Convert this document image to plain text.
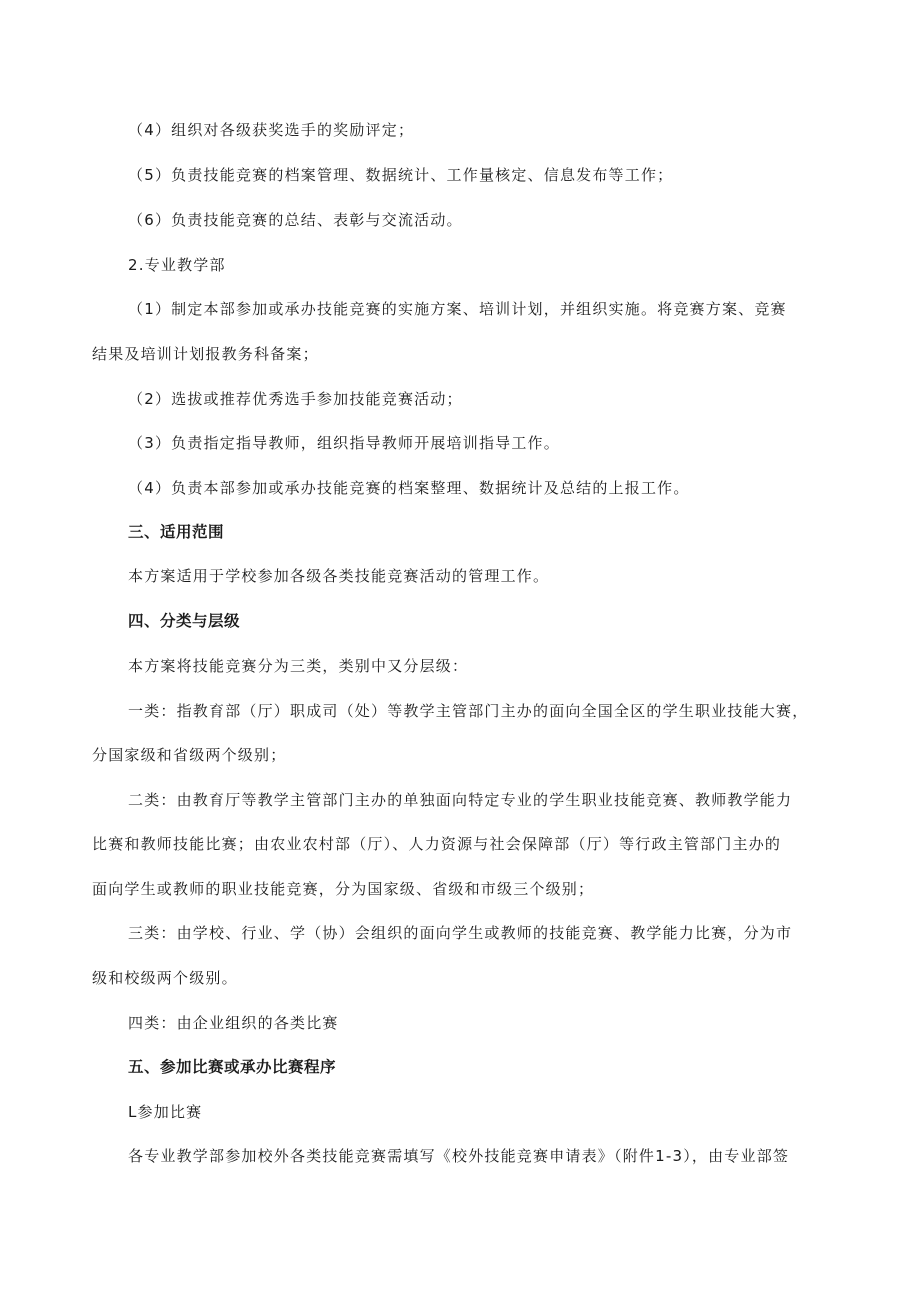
（4）组织对各级获奖选手的奖励评定；

（5）负责技能竞赛的档案管理、数据统计、工作量核定、信息发布等工作；

（6）负责技能竞赛的总结、表彰与交流活动。

2.专业教学部

（1）制定本部参加或承办技能竞赛的实施方案、培训计划，并组织实施。将竞赛方案、竞赛

结果及培训计划报教务科备案；

（2）选拔或推荐优秀选手参加技能竞赛活动；

（3）负责指定指导教师，组织指导教师开展培训指导工作。

（4）负责本部参加或承办技能竞赛的档案整理、数据统计及总结的上报工作。

三、适用范围

本方案适用于学校参加各级各类技能竞赛活动的管理工作。

四、分类与层级

本方案将技能竞赛分为三类，类别中又分层级：

一类：指教育部（厅）职成司（处）等教学主管部门主办的面向全国全区的学生职业技能大赛，

分国家级和省级两个级别；

二类：由教育厅等教学主管部门主办的单独面向特定专业的学生职业技能竞赛、教师教学能力

比赛和教师技能比赛；由农业农村部（厅）、人力资源与社会保障部（厅）等行政主管部门主办的

面向学生或教师的职业技能竞赛，分为国家级、省级和市级三个级别；

三类：由学校、行业、学（协）会组织的面向学生或教师的技能竞赛、教学能力比赛，分为市

级和校级两个级别。

四类：由企业组织的各类比赛

五、参加比赛或承办比赛程序

L参加比赛

各专业教学部参加校外各类技能竞赛需填写《校外技能竞赛申请表》（附件1-3），由专业部签
